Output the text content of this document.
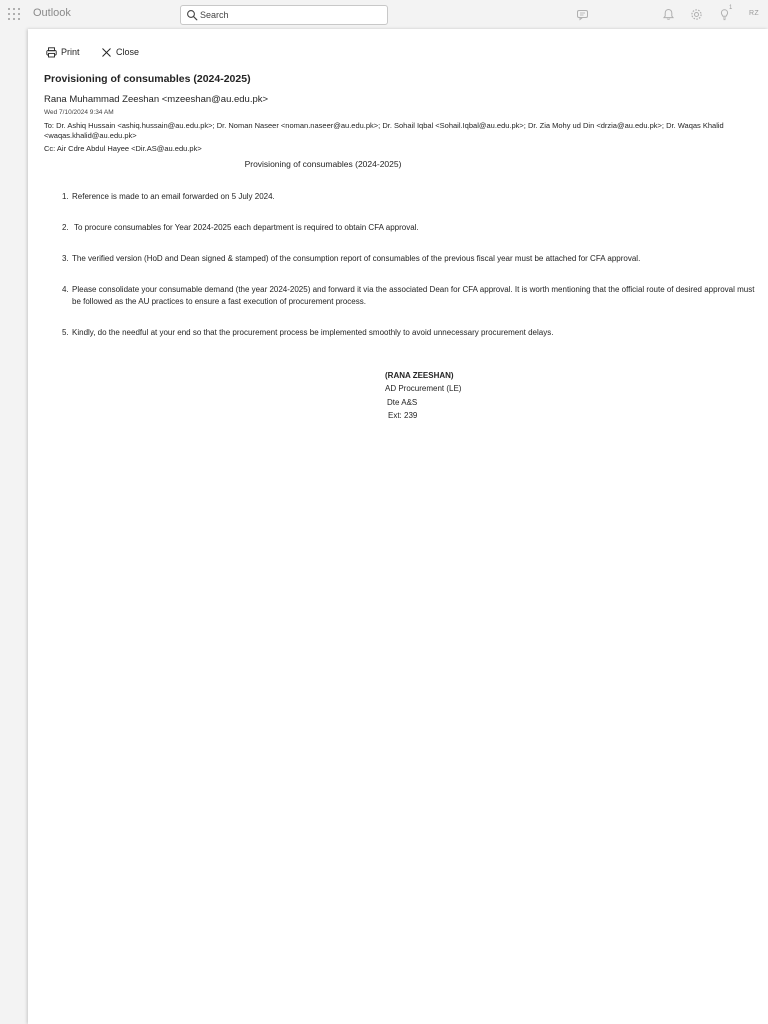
Outlook
Search	1
RZ
Print	Close
Provisioning of consumables (2024-2025)
Rana Muhammad Zeeshan <mzeeshan@au.edu.pk>
Wed 7/10/2024 9:34 AM
To: Dr. Ashiq Hussain <ashiq.hussain@au.edu.pk>; Dr. Noman Naseer <noman.naseer@au.edu.pk>; Dr. Sohail Iqbal <Sohail.Iqbal@au.edu.pk>; Dr. Zia Mohy ud Din <drzia@au.edu.pk>; Dr. Waqas Khalid <waqas.khalid@au.edu.pk>
Cc: Air Cdre Abdul Hayee <Dir.AS@au.edu.pk>
Provisioning of consumables (2024-2025)
1. Reference is made to an email forwarded on 5 July 2024.
2. To procure consumables for Year 2024-2025 each department is required to obtain CFA approval.
3. The verified version (HoD and Dean signed & stamped) of the consumption report of consumables of the previous fiscal year must be attached for CFA approval.
4. Please consolidate your consumable demand (the year 2024-2025) and forward it via the associated Dean for CFA approval. It is worth mentioning that the official route of desired approval must be followed as the AU practices to ensure a fast execution of procurement process.
5. Kindly, do the needful at your end so that the procurement process be implemented smoothly to avoid unnecessary procurement delays.
(RANA ZEESHAN)
AD Procurement (LE)
Dte A&S
Ext: 239
